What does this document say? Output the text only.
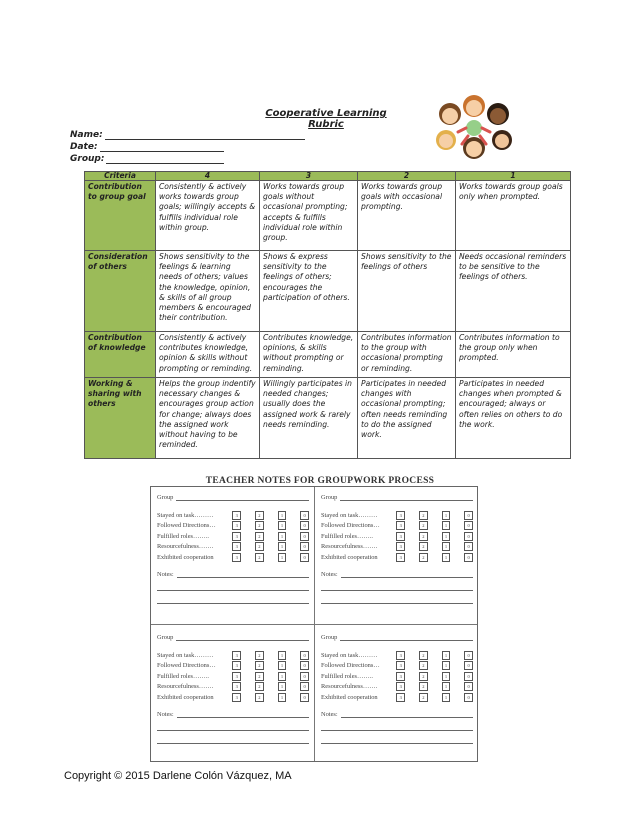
Cooperative Learning Rubric
Name:
Date:
Group:
Criteria	4	3	2	1
Contribution to group goal	Consistently & actively works towards group goals; willingly accepts & fulfills individual role within group.	Works towards group goals without occasional prompting; accepts & fulfills individual role within group.	Works towards group goals with occasional prompting.	Works towards group goals only when prompted.
Consideration of others	Shows sensitivity to the feelings & learning needs of others; values the knowledge, opinion, & skills of all group members & encouraged their contribution.	Shows & express sensitivity to the feelings of others; encourages the participation of others.	Shows sensitivity to the feelings of others	Needs occasional reminders to be sensitive to the feelings of others.
Contribution of knowledge	Consistently & actively contributes knowledge, opinion & skills without prompting or reminding.	Contributes knowledge, opinions, & skills without prompting or reminding.	Contributes information to the group with occasional prompting or reminding.	Contributes information to the group only when prompted.
Working & sharing with others	Helps the group indentify necessary changes & encourages group action for change; always does the assigned work without having to be reminded.	Willingly participates in needed changes; usually does the assigned work & rarely needs reminding.	Participates in needed changes with occasional prompting; often needs reminding to do the assigned work.	Participates in needed changes when prompted & encouraged; always or often relies on others to do the work.
TEACHER NOTES FOR GROUPWORK PROCESS
Group
Stayed on task………	3	2	1	0
Followed Directions…	3	2	1	0
Fulfilled roles……..	3	2	1	0
Resourcefulness…….	3	2	1	0
Exhibited cooperation	3	2	1	0
Notes:
Group
Stayed on task………	3	2	1	0
Followed Directions…	3	2	1	0
Fulfilled roles……..	3	2	1	0
Resourcefulness…….	3	2	1	0
Exhibited cooperation	3	2	1	0
Notes:
Group
Stayed on task………	3	2	1	0
Followed Directions…	3	2	1	0
Fulfilled roles……..	3	2	1	0
Resourcefulness…….	3	2	1	0
Exhibited cooperation	3	2	1	0
Notes:
Group
Stayed on task………	3	2	1	0
Followed Directions…	3	2	1	0
Fulfilled roles……..	3	2	1	0
Resourcefulness…….	3	2	1	0
Exhibited cooperation	3	2	1	0
Notes:
Copyright © 2015 Darlene Colón Vázquez, MA
